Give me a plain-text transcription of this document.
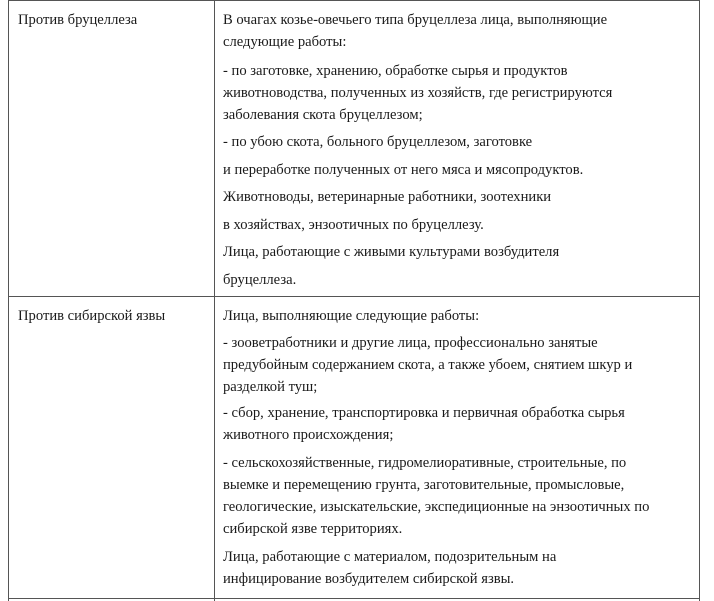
Против бруцеллеза	В очагах козье-овечьего типа бруцеллеза лица, выполняющие
следующие работы:
- по заготовке, хранению, обработке сырья и продуктов
животноводства, полученных из хозяйств, где регистрируются
заболевания скота бруцеллезом;
- по убою скота, больного бруцеллезом, заготовке
и переработке полученных от него мяса и мясопродуктов.
Животноводы, ветеринарные работники, зоотехники
в хозяйствах, энзоотичных по бруцеллезу.
Лица, работающие с живыми культурами возбудителя
бруцеллеза.
Против сибирской язвы	Лица, выполняющие следующие работы:
- зооветработники и другие лица, профессионально занятые
предубойным содержанием скота, а также убоем, снятием шкур и
разделкой туш;
- сбор, хранение, транспортировка и первичная обработка сырья
животного происхождения;
- сельскохозяйственные, гидромелиоративные, строительные, по
выемке и перемещению грунта, заготовительные, промысловые,
геологические, изыскательские, экспедиционные на энзоотичных по
сибирской язве территориях.
Лица, работающие с материалом, подозрительным на
инфицирование возбудителем сибирской язвы.
